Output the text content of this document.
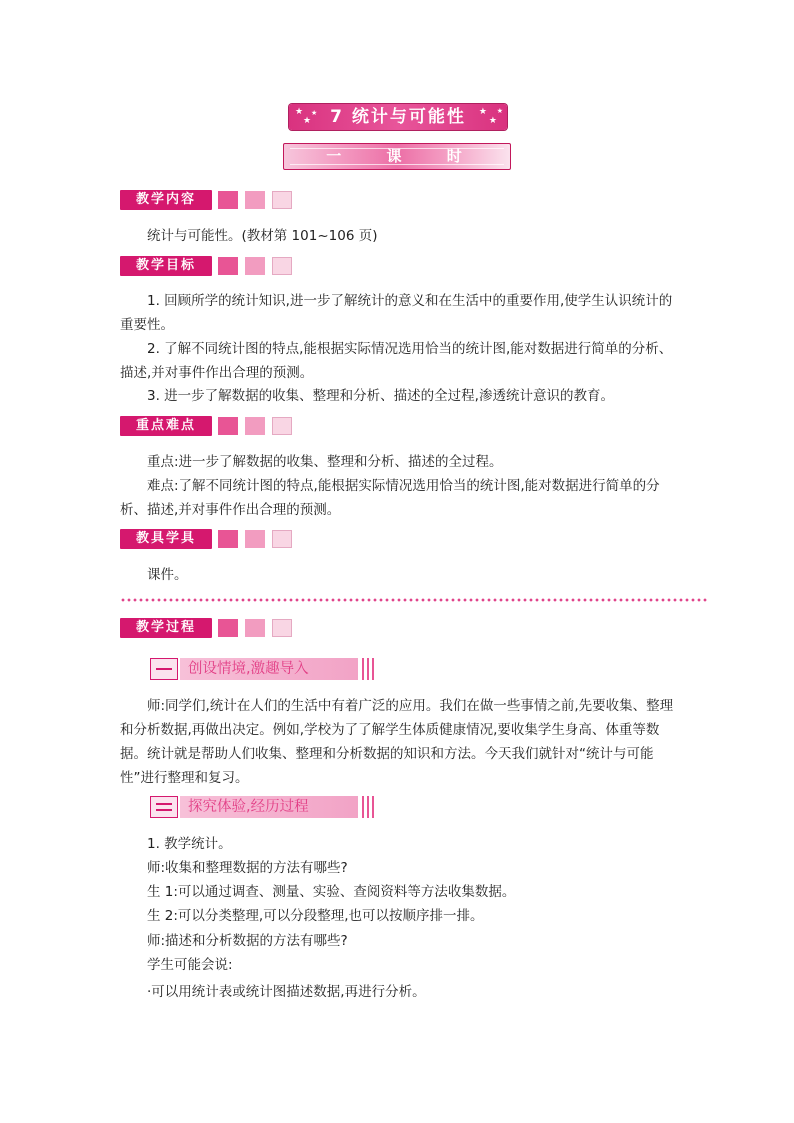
★
★
★	★
★
★
7 统计与可能性
一 课 时
教学内容
统计与可能性。(教材第 101~106 页)
教学目标
1. 回顾所学的统计知识,进一步了解统计的意义和在生活中的重要作用,使学生认识统计的重要性。
2. 了解不同统计图的特点,能根据实际情况选用恰当的统计图,能对数据进行简单的分析、描述,并对事件作出合理的预测。
3. 进一步了解数据的收集、整理和分析、描述的全过程,渗透统计意识的教育。
重点难点
重点:进一步了解数据的收集、整理和分析、描述的全过程。
难点:了解不同统计图的特点,能根据实际情况选用恰当的统计图,能对数据进行简单的分析、描述,并对事件作出合理的预测。
教具学具
课件。
教学过程
创设情境,激趣导入
师:同学们,统计在人们的生活中有着广泛的应用。我们在做一些事情之前,先要收集、整理和分析数据,再做出决定。例如,学校为了了解学生体质健康情况,要收集学生身高、体重等数据。统计就是帮助人们收集、整理和分析数据的知识和方法。今天我们就针对“统计与可能性”进行整理和复习。
探究体验,经历过程
1. 教学统计。
师:收集和整理数据的方法有哪些?
生 1:可以通过调查、测量、实验、查阅资料等方法收集数据。
生 2:可以分类整理,可以分段整理,也可以按顺序排一排。
师:描述和分析数据的方法有哪些?
学生可能会说:
·可以用统计表或统计图描述数据,再进行分析。
